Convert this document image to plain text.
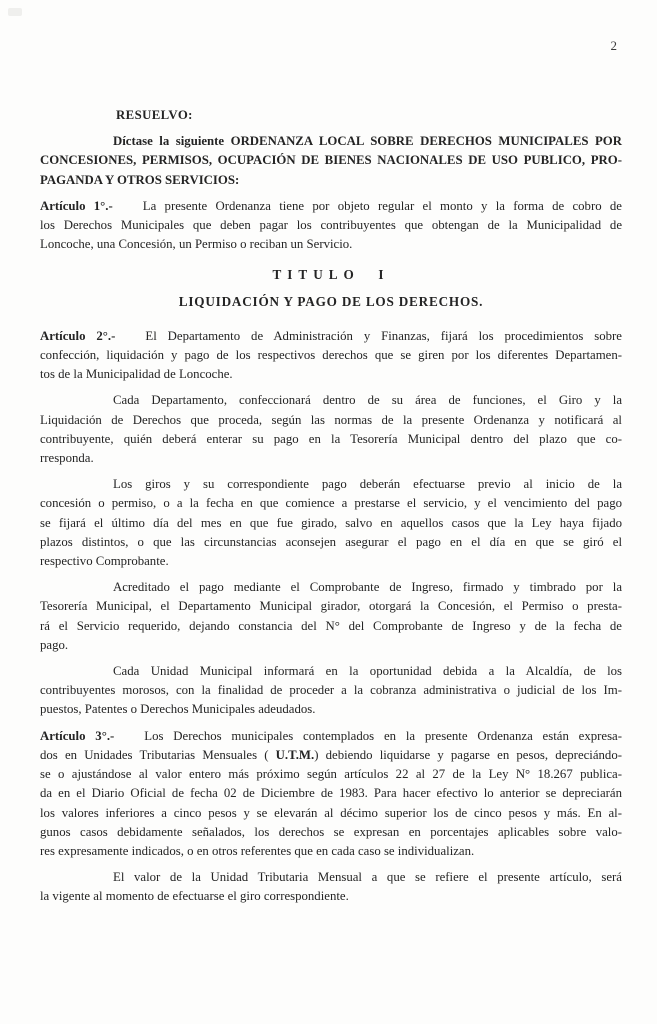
2
RESUELVO:
Díctase la siguiente ORDENANZA LOCAL SOBRE DERECHOS MUNICIPALES POR
CONCESIONES, PERMISOS, OCUPACIÓN DE BIENES NACIONALES DE USO PUBLICO, PRO-
PAGANDA Y OTROS SERVICIOS:
Artículo 1°.- La presente Ordenanza tiene por objeto regular el monto y la forma de cobro de
los Derechos Municipales que deben pagar los contribuyentes que obtengan de la Municipalidad de
Loncoche, una Concesión, un Permiso o reciban un Servicio.
TITULO  I
LIQUIDACIÓN Y PAGO DE LOS DERECHOS.
Artículo 2°.- El Departamento de Administración y Finanzas, fijará los procedimientos sobre
confección, liquidación y pago de los respectivos derechos que se giren por los diferentes Departamen-
tos de la Municipalidad de Loncoche.
Cada Departamento, confeccionará dentro de su área de funciones, el Giro y la
Liquidación de Derechos que proceda, según las normas de la presente Ordenanza y notificará al
contribuyente, quién deberá enterar su pago en la Tesorería Municipal dentro del plazo que co-
rresponda.
Los giros y su correspondiente pago deberán efectuarse previo al inicio de la
concesión o permiso, o a la fecha en que comience a prestarse el servicio, y el vencimiento del pago
se fijará el último día del mes en que fue girado, salvo en aquellos casos que la Ley haya fijado
plazos distintos, o que las circunstancias aconsejen asegurar el pago en el día en que se giró el
respectivo Comprobante.
Acreditado el pago mediante el Comprobante de Ingreso, firmado y timbrado por la
Tesorería Municipal, el Departamento Municipal girador, otorgará la Concesión, el Permiso o presta-
rá el Servicio requerido, dejando constancia del N° del Comprobante de Ingreso y de la fecha de
pago.
Cada Unidad Municipal informará en la oportunidad debida a la Alcaldía, de los
contribuyentes morosos, con la finalidad de proceder a la cobranza administrativa o judicial de los Im-
puestos, Patentes o Derechos Municipales adeudados.
Artículo 3°.- Los Derechos municipales contemplados en la presente Ordenanza están expresa-
dos en Unidades Tributarias Mensuales ( U.T.M.) debiendo liquidarse y pagarse en pesos, depreciándo-
se o ajustándose al valor entero más próximo según artículos 22 al 27 de la Ley N° 18.267 publica-
da en el Diario Oficial de fecha 02 de Diciembre de 1983. Para hacer efectivo lo anterior se depreciarán
los valores inferiores a cinco pesos y se elevarán al décimo superior los de cinco pesos y más. En al-
gunos casos debidamente señalados, los derechos se expresan en porcentajes aplicables sobre valo-
res expresamente indicados, o en otros referentes que en cada caso se individualizan.
El valor de la Unidad Tributaria Mensual a que se refiere el presente artículo, será
la vigente al momento de efectuarse el giro correspondiente.
